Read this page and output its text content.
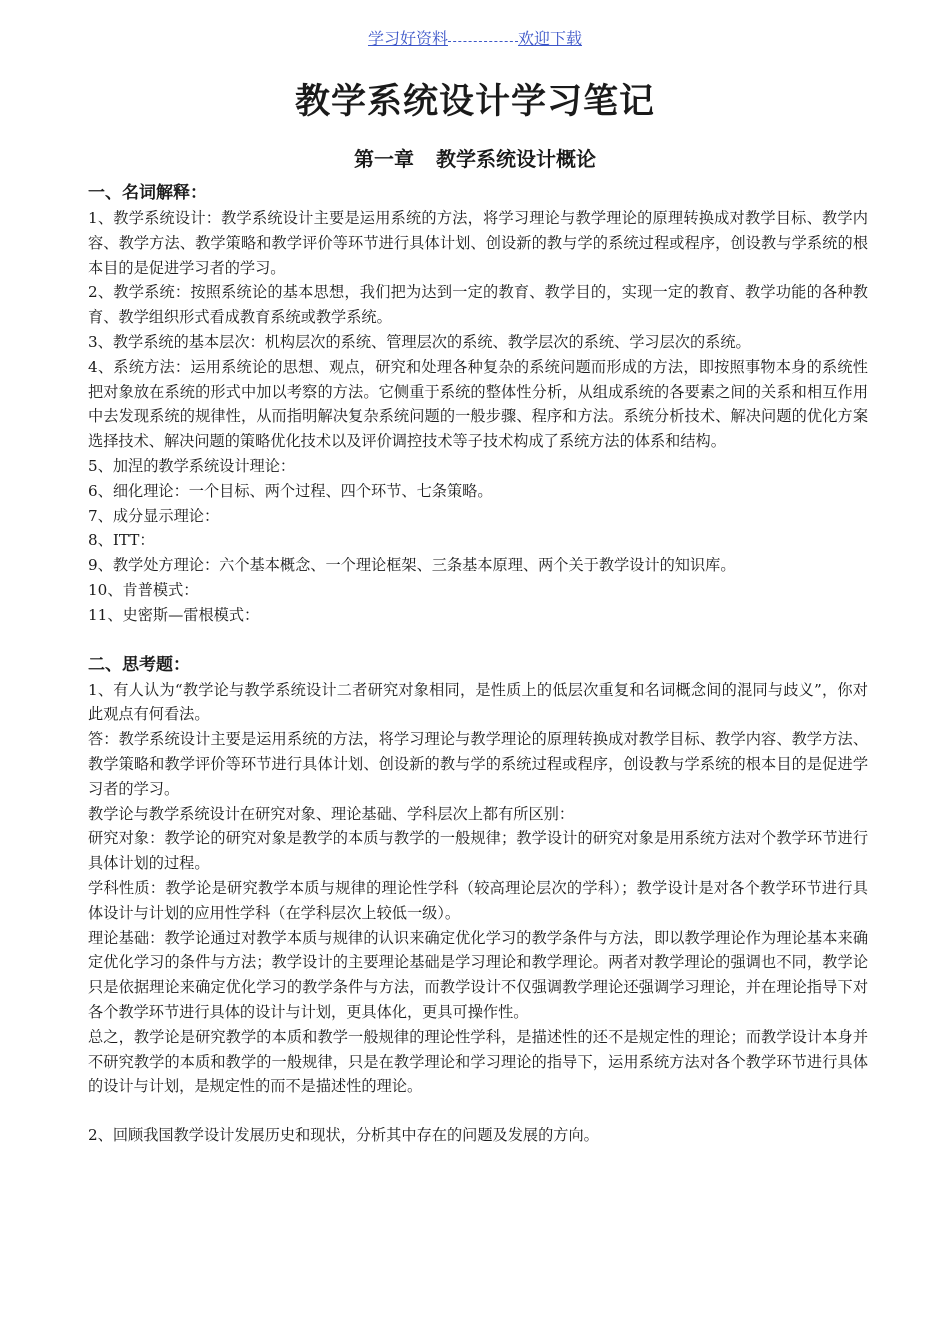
学习好资料	欢迎下载
教学系统设计学习笔记
第一章 教学系统设计概论

一、名词解释：

1、教学系统设计：教学系统设计主要是运用系统的方法，将学习理论与教学理论的原理转换成对教学目标、教学内容、教学方法、教学策略和教学评价等环节进行具体计划、创设新的教与学的系统过程或程序，创设教与学系统的根本目的是促进学习者的学习。

2、教学系统：按照系统论的基本思想，我们把为达到一定的教育、教学目的，实现一定的教育、教学功能的各种教育、教学组织形式看成教育系统或教学系统。

3、教学系统的基本层次：机构层次的系统、管理层次的系统、教学层次的系统、学习层次的系统。

4、系统方法：运用系统论的思想、观点，研究和处理各种复杂的系统问题而形成的方法，即按照事物本身的系统性把对象放在系统的形式中加以考察的方法。它侧重于系统的整体性分析，从组成系统的各要素之间的关系和相互作用中去发现系统的规律性，从而指明解决复杂系统问题的一般步骤、程序和方法。系统分析技术、解决问题的优化方案选择技术、解决问题的策略优化技术以及评价调控技术等子技术构成了系统方法的体系和结构。

5、加涅的教学系统设计理论：

6、细化理论：一个目标、两个过程、四个环节、七条策略。

7、成分显示理论：

8、ITT：

9、教学处方理论：六个基本概念、一个理论框架、三条基本原理、两个关于教学设计的知识库。

10、肯普模式：

11、史密斯—雷根模式：

二、思考题：

1、有人认为“教学论与教学系统设计二者研究对象相同，是性质上的低层次重复和名词概念间的混同与歧义”，你对此观点有何看法。

答：教学系统设计主要是运用系统的方法，将学习理论与教学理论的原理转换成对教学目标、教学内容、教学方法、教学策略和教学评价等环节进行具体计划、创设新的教与学的系统过程或程序，创设教与学系统的根本目的是促进学习者的学习。

教学论与教学系统设计在研究对象、理论基础、学科层次上都有所区别：

研究对象：教学论的研究对象是教学的本质与教学的一般规律；教学设计的研究对象是用系统方法对个教学环节进行具体计划的过程。

学科性质：教学论是研究教学本质与规律的理论性学科（较高理论层次的学科）；教学设计是对各个教学环节进行具体设计与计划的应用性学科（在学科层次上较低一级）。

理论基础：教学论通过对教学本质与规律的认识来确定优化学习的教学条件与方法，即以教学理论作为理论基本来确定优化学习的条件与方法；教学设计的主要理论基础是学习理论和教学理论。两者对教学理论的强调也不同，教学论只是依据理论来确定优化学习的教学条件与方法，而教学设计不仅强调教学理论还强调学习理论，并在理论指导下对各个教学环节进行具体的设计与计划，更具体化，更具可操作性。

总之，教学论是研究教学的本质和教学一般规律的理论性学科，是描述性的还不是规定性的理论；而教学设计本身并不研究教学的本质和教学的一般规律，只是在教学理论和学习理论的指导下，运用系统方法对各个教学环节进行具体的设计与计划，是规定性的而不是描述性的理论。

2、回顾我国教学设计发展历史和现状，分析其中存在的问题及发展的方向。
